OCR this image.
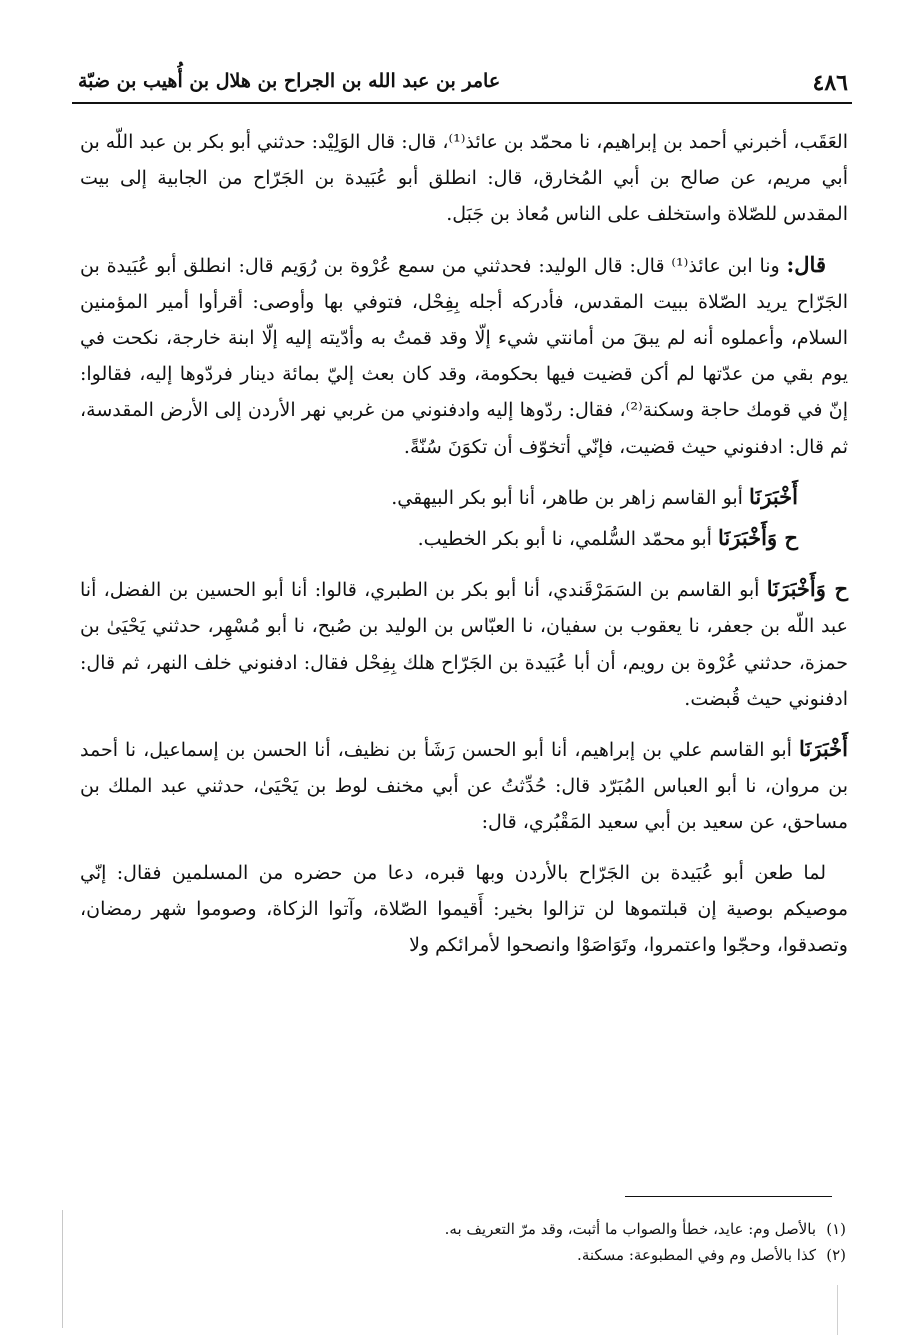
٤٨٦
عامر بن عبد الله بن الجراح بن هلال بن أُهيب بن ضبّة

العَقَب، أخبرني أحمد بن إبراهيم، نا محمّد بن عائذ⁽¹⁾، قال: قال الوَلِيْد: حدثني أبو بكر بن عبد اللّه بن أبي مريم، عن صالح بن أبي المُخارق، قال: انطلق أبو عُبَيدة بن الجَرّاح من الجابية إلى بيت المقدس للصّلاة واستخلف على الناس مُعاذ بن جَبَل.

قال: ونا ابن عائذ⁽¹⁾ قال: قال الوليد: فحدثني من سمع عُرْوة بن رُوَيم قال: انطلق أبو عُبَيدة بن الجَرّاح يريد الصّلاة ببيت المقدس، فأدركه أجله بِفِحْل، فتوفي بها وأوصى: أقرأوا أمير المؤمنين السلام، وأعملوه أنه لم يبقَ من أمانتي شيء إلّا وقد قمتُ به وأدّيته إليه إلّا ابنة خارجة، نكحت في يوم بقي من عدّتها لم أكن قضيت فيها بحكومة، وقد كان بعث إليّ بمائة دينار فردّوها إليه، فقالوا: إنّ في قومك حاجة وسكنة⁽²⁾، فقال: ردّوها إليه وادفنوني من غربي نهر الأردن إلى الأرض المقدسة، ثم قال: ادفنوني حيث قضيت، فإنّي أتخوّف أن تكوَنَ سُنّةً.

أَخْبَرَنَا أبو القاسم زاهر بن طاهر، أنا أبو بكر البيهقي.

ح وَأَخْبَرَنَا أبو محمّد السُّلمي، نا أبو بكر الخطيب.

ح وَأَخْبَرَنَا أبو القاسم بن السَمَرْقَندي، أنا أبو بكر بن الطبري، قالوا: أنا أبو الحسين بن الفضل، أنا عبد اللّه بن جعفر، نا يعقوب بن سفيان، نا العبّاس بن الوليد بن صُبح، نا أبو مُسْهِر، حدثني يَحْيَىٰ بن حمزة، حدثني عُرْوة بن رويم، أن أبا عُبَيدة بن الجَرّاح هلك بِفِحْل فقال: ادفنوني خلف النهر، ثم قال: ادفنوني حيث قُبضت.

أَخْبَرَنَا أبو القاسم علي بن إبراهيم، أنا أبو الحسن رَشَأ بن نظيف، أنا الحسن بن إسماعيل، نا أحمد بن مروان، نا أبو العباس المُبَرّد قال: حُدِّثتُ عن أبي مخنف لوط بن يَحْيَىٰ، حدثني عبد الملك بن مساحق، عن سعيد بن أبي سعيد المَقْبُري، قال:

لما طعن أبو عُبَيدة بن الجَرّاح بالأردن وبها قبره، دعا من حضره من المسلمين فقال: إنّي موصيكم بوصية إن قبلتموها لن تزالوا بخير: أَقيموا الصّلاة، وآتوا الزكاة، وصوموا شهر رمضان، وتصدقوا، وحجّوا واعتمروا، وتَوَاصَوْا وانصحوا لأمرائكم ولا

(١)بالأصل وم: عايد، خطأ والصواب ما أثبت، وقد مرّ التعريف به.
(٢)كذا بالأصل وم وفي المطبوعة: مسكنة.
